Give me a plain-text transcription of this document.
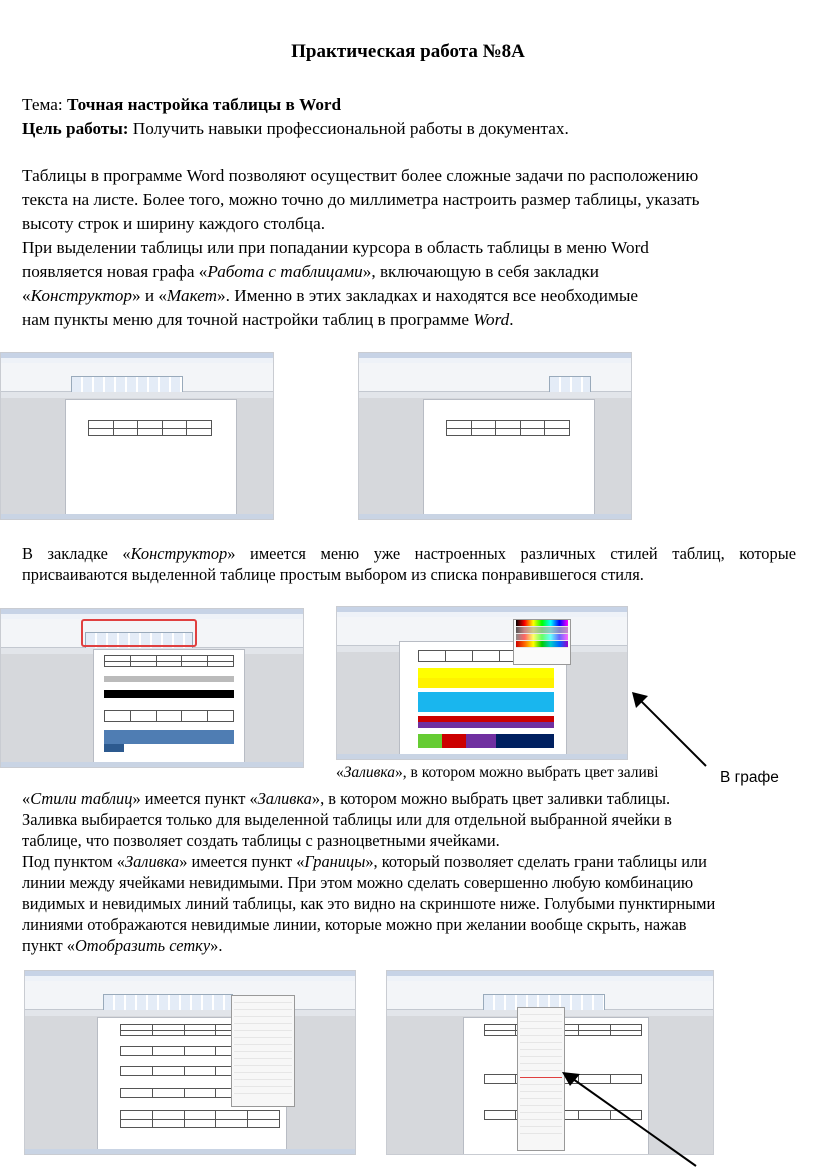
Практическая работа №8А
Тема: Точная настройка таблицы в Word
Цель работы: Получить навыки профессиональной работы в документах.
Таблицы в программе Word позволяют осуществит более сложные задачи по расположению
текста на листе. Более того, можно точно до миллиметра настроить размер таблицы, указать
высоту строк и ширину каждого столбца.
При выделении таблицы или при попадании курсора в область таблицы в меню Word
появляется новая графа «Работа с таблицами», включающую в себя закладки
«Конструктор» и «Макет». Именно в этих закладках и находятся все необходимые
нам пункты меню для точной настройки таблиц в программе Word.

В закладке «Конструктор» имеется меню уже настроенных различных стилей таблиц, которые присваиваются выделенной таблице простым выбором из списка понравившегося стиля.

«Заливка», в котором можно выбрать цвет заливі	В графе
«Стили таблиц» имеется пункт «Заливка», в котором можно выбрать цвет заливки таблицы.
Заливка выбирается только для выделенной таблицы или для отдельной выбранной ячейки в
таблице, что позволяет создать таблицы с разноцветными ячейками.
Под пунктом «Заливка» имеется пункт «Границы», который позволяет сделать грани таблицы или
линии между ячейками невидимыми. При этом можно сделать совершенно любую комбинацию
видимых и невидимых линий таблицы, как это видно на скриншоте ниже. Голубыми пунктирными
линиями отображаются невидимые линии, которые можно при желании вообще скрыть, нажав
пункт «Отобразить сетку».
